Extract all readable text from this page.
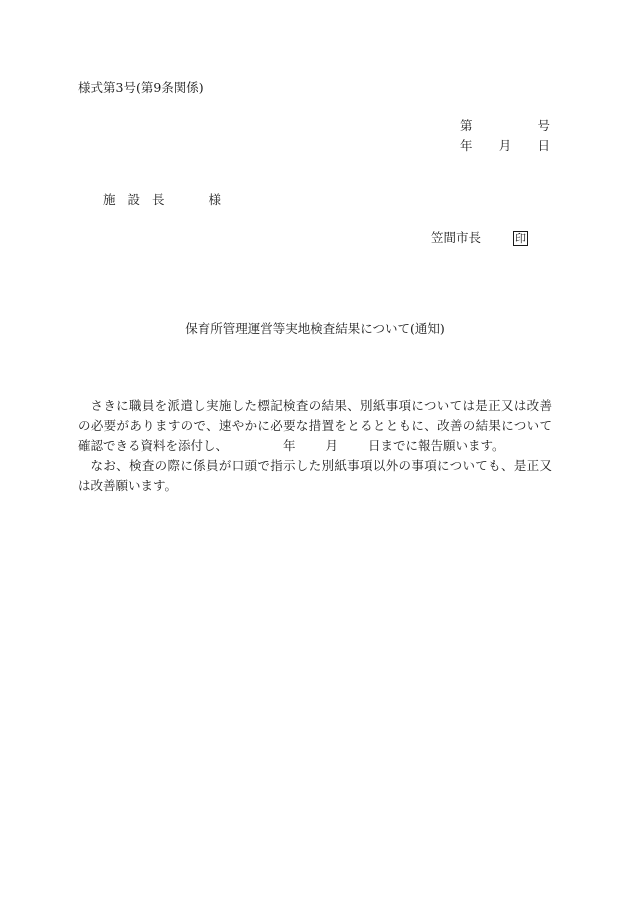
様式第3号(第9条関係)
第	号
年 月 日
施 設 長	様
笠間市長	印
保育所管理運営等実地検査結果について(通知)

さきに職員を派遣し実施した標記検査の結果、別紙事項については是正又は改善の必要がありますので、速やかに必要な措置をとるとともに、改善の結果について確認できる資料を添付し、	年 月 日までに報告願います。

なお、検査の際に係員が口頭で指示した別紙事項以外の事項についても、是正又は改善願います。
